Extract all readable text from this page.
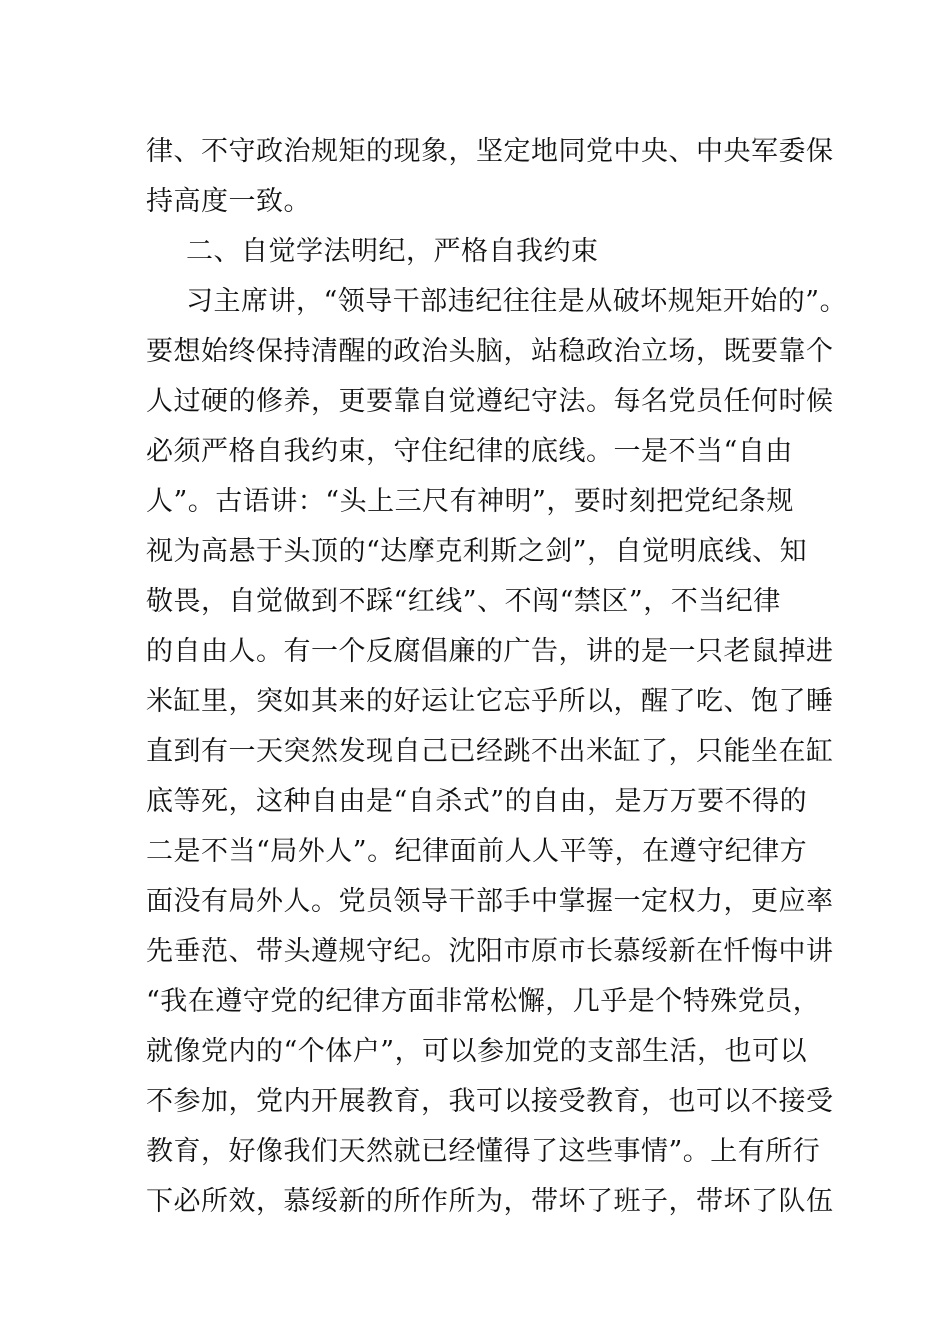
律、不守政治规矩的现象，坚定地同党中央、中央军委保
持高度一致。
二、自觉学法明纪，严格自我约束
习主席讲，“领导干部违纪往往是从破坏规矩开始的”。
要想始终保持清醒的政治头脑，站稳政治立场，既要靠个
人过硬的修养，更要靠自觉遵纪守法。每名党员任何时候
必须严格自我约束，守住纪律的底线。一是不当“自由
人”。古语讲：“头上三尺有神明”，要时刻把党纪条规
视为高悬于头顶的“达摩克利斯之剑”，自觉明底线、知
敬畏，自觉做到不踩“红线”、不闯“禁区”，不当纪律
的自由人。有一个反腐倡廉的广告，讲的是一只老鼠掉进
米缸里，突如其来的好运让它忘乎所以，醒了吃、饱了睡
直到有一天突然发现自己已经跳不出米缸了，只能坐在缸
底等死，这种自由是“自杀式”的自由，是万万要不得的
二是不当“局外人”。纪律面前人人平等，在遵守纪律方
面没有局外人。党员领导干部手中掌握一定权力，更应率
先垂范、带头遵规守纪。沈阳市原市长慕绥新在忏悔中讲
“我在遵守党的纪律方面非常松懈，几乎是个特殊党员，
就像党内的“个体户”，可以参加党的支部生活，也可以
不参加，党内开展教育，我可以接受教育，也可以不接受
教育，好像我们天然就已经懂得了这些事情”。上有所行
下必所效，慕绥新的所作所为，带坏了班子，带坏了队伍
